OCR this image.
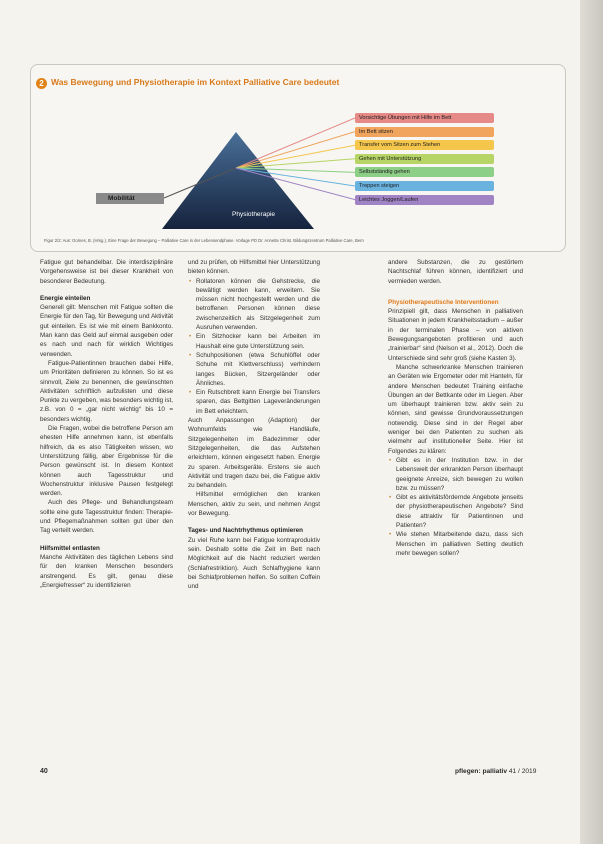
2 Was Bewegung und Physiotherapie im Kontext Palliative Care bedeutet
Mobilität
Physiotherapie
Vorsichtige Übungen mit Hilfe im Bett
Im Bett sitzen
Transfer vom Sitzen zum Stehen
Gehen mit Unterstützung
Selbstständig gehen
Treppen steigen
Leichtes Joggen/Laufen
Figur 2/2: Aus: Gomes, B. (Hrsg.), Eine Frage der Bewegung – Palliative Care in der Lebensendphase. Vorlage PD Dr. Annette Christ. Bildungszentrum Palliative Care, Bern

Fatigue gut behandelbar. Die interdisziplinäre Vorgehensweise ist bei dieser Krankheit von besonderer Bedeutung.

Energie einteilen

Generell gilt: Menschen mit Fatigue sollten die Energie für den Tag, für Bewegung und Aktivität gut einteilen. Es ist wie mit einem Bankkonto. Man kann das Geld auf einmal ausgeben oder es nach und nach für wirklich Wichtiges verwenden.

Fatigue-Patientinnen brauchen dabei Hilfe, um Prioritäten definieren zu können. So ist es sinnvoll, Ziele zu benennen, die gewünschten Aktivitäten schriftlich aufzulisten und diese Punkte zu vergeben, was besonders wichtig ist, z.B. von 0 = „gar nicht wichtig“ bis 10 = besonders wichtig.

Die Fragen, wobei die betroffene Person am ehesten Hilfe annehmen kann, ist ebenfalls hilfreich, da es also Tätigkeiten wissen, wo Unterstützung fällig, aber Ergebnisse für die Person gewünscht ist. In diesem Kontext können auch Tagesstruktur und Wochenstruktur inklusive Pausen festgelegt werden.

Auch des Pflege- und Behandlungsteam sollte eine gute Tagesstruktur finden: Therapie- und Pflegemaßnahmen sollten gut über den Tag verteilt werden.

Hilfsmittel entlasten

Manche Aktivitäten des täglichen Lebens sind für den kranken Menschen besonders anstrengend. Es gilt, genau diese „Energiefresser“ zu identifizieren

und zu prüfen, ob Hilfsmittel hier Unterstützung bieten können.

• Rollatoren können die Gehstrecke, die bewältigt werden kann, erweitern. Sie müssen nicht hochgestellt werden und die betroffenen Personen können diese zwischenzeitlich als Sitzgelegenheit zum Ausruhen verwenden.
• Ein Sitzhocker kann bei Arbeiten im Haushalt eine gute Unterstützung sein.
• Schuhpositionen (etwa Schuhlöffel oder Schuhe mit Klettverschluss) verhindern langes Bücken, Sitzergeländer oder Ähnliches.
• Ein Rutschbrett kann Energie bei Transfers sparen, das Bettgitten Lageveränderungen im Bett erleichtern.

Auch Anpassungen (Adaption) der Wohnumfelds wie Handläufe, Sitzgelegenheiten im Badezimmer oder Sitzgelegenheiten, die das Aufstehen erleichtern, können eingesetzt haben. Energie zu sparen. Arbeitsgeräte. Erstens sie auch Aktivität und tragen dazu bei, die Fatigue aktiv zu behandeln.

Hilfsmittel ermöglichen den kranken Menschen, aktiv zu sein, und nehmen Angst vor Bewegung.

Tages- und Nachtrhythmus optimieren

Zu viel Ruhe kann bei Fatigue kontraproduktiv sein. Deshalb sollte die Zeit im Bett nach Möglichkeit auf die Nacht reduziert werden (Schlafrestriktion). Auch Schlafhygiene kann bei Schlafproblemen helfen. So sollten Coffein und

andere Substanzen, die zu gestörtem Nachtschlaf führen können, identifiziert und vermieden werden.

Physiotherapeutische Interventionen

Prinzipiell gilt, dass Menschen in palliativen Situationen in jedem Krankheitsstadium – außer in der terminalen Phase – von aktiven Bewegungsangeboten profitieren und auch „trainierbar“ sind (Nelson et al., 2012). Doch die Unterschiede sind sehr groß (siehe Kasten 3).

Manche schwerkranke Menschen trainieren an Geräten wie Ergometer oder mit Hanteln, für andere Menschen bedeutet Training einfache Übungen an der Bettkante oder im Liegen. Aber um überhaupt trainieren bzw. aktiv sein zu können, sind gewisse Grundvoraussetzungen notwendig. Diese sind in der Regel aber weniger bei den Patienten zu suchen als vielmehr auf institutioneller Seite. Hier ist Folgendes zu klären:

• Gibt es in der Institution bzw. in der Lebenswelt der erkrankten Person überhaupt geeignete Anreize, sich bewegen zu wollen bzw. zu müssen?
• Gibt es aktivitätsfördernde Angebote jenseits der physiotherapeutischen Angebote? Sind diese attraktiv für Patientinnen und Patienten?
• Wie stehen Mitarbeitende dazu, dass sich Menschen im palliativen Setting deutlich mehr bewegen sollen?
40	pflegen: palliativ 41 / 2019
